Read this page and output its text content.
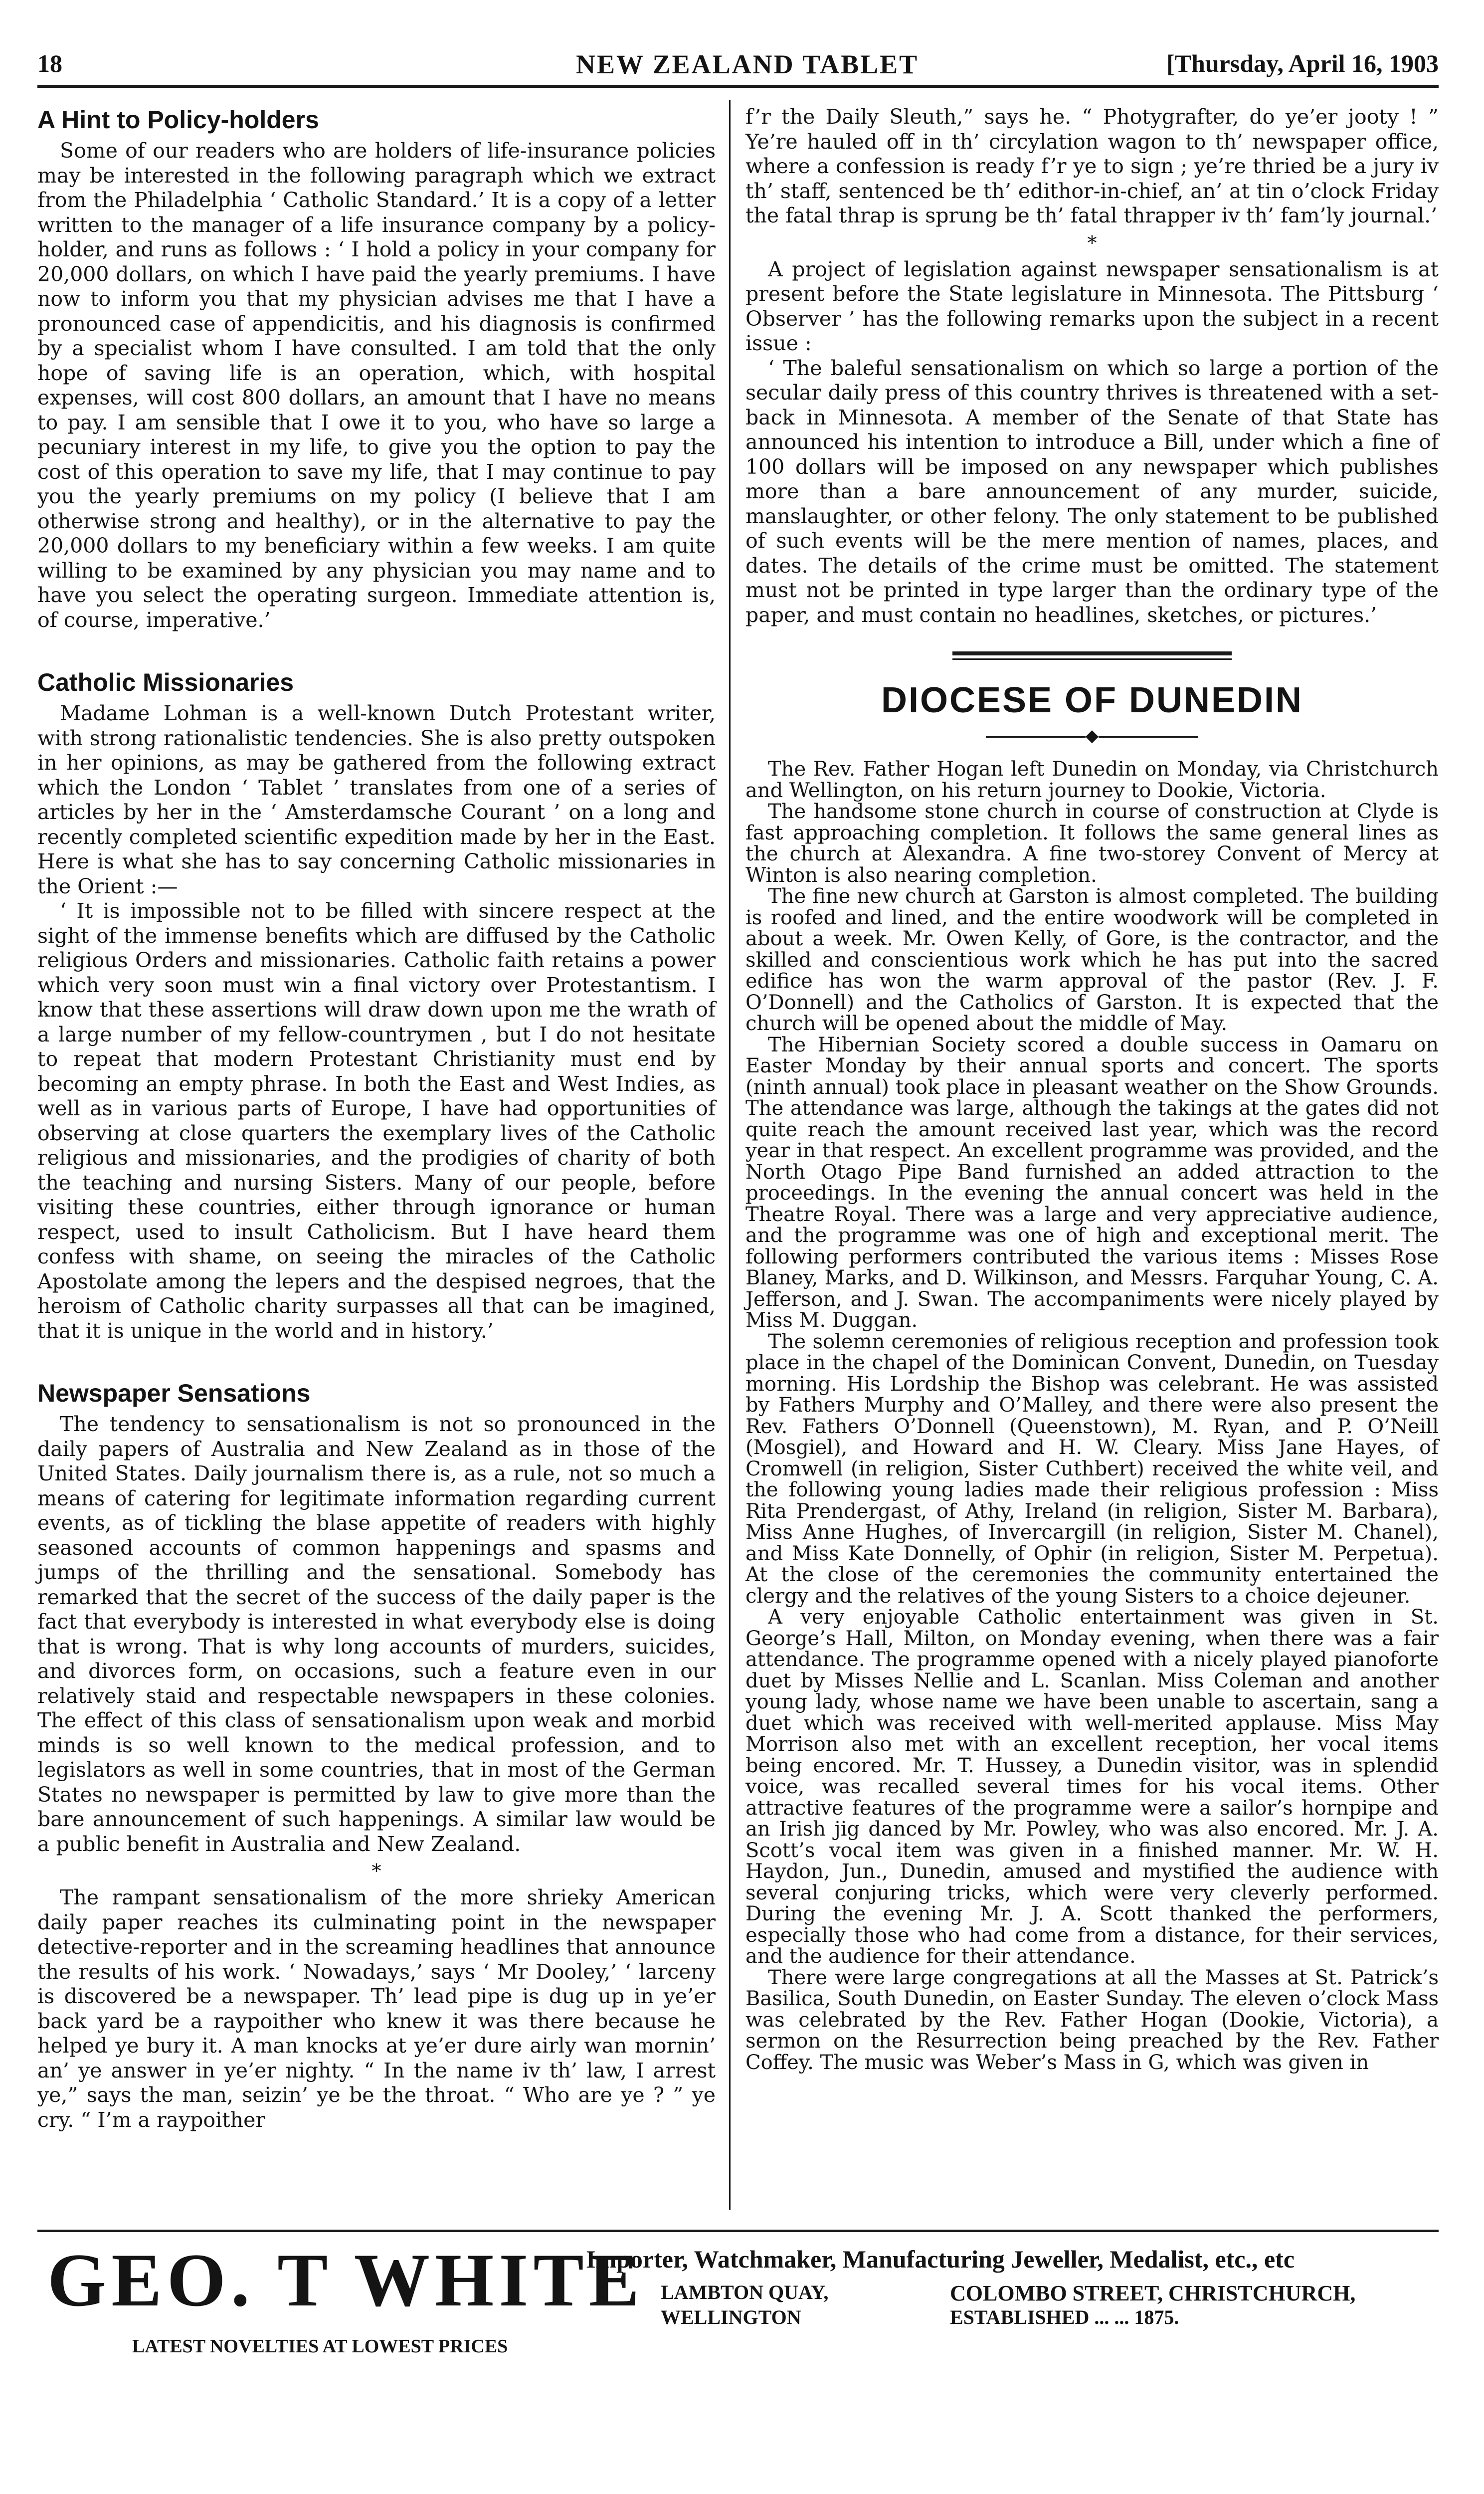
18	NEW ZEALAND TABLET	[Thursday, April 16, 1903
A Hint to Policy-holders

Some of our readers who are holders of life-insurance policies may be interested in the following paragraph which we extract from the Philadelphia ‘ Catholic Standard.’ It is a copy of a letter written to the manager of a life insurance company by a policy-holder, and runs as follows : ‘ I hold a policy in your company for 20,000 dollars, on which I have paid the yearly premiums. I have now to inform you that my physician advises me that I have a pronounced case of appendicitis, and his diagnosis is confirmed by a specialist whom I have consulted. I am told that the only hope of saving life is an operation, which, with hospital expenses, will cost 800 dollars, an amount that I have no means to pay. I am sensible that I owe it to you, who have so large a pecuniary interest in my life, to give you the option to pay the cost of this operation to save my life, that I may continue to pay you the yearly premiums on my policy (I believe that I am otherwise strong and healthy), or in the alternative to pay the 20,000 dollars to my beneficiary within a few weeks. I am quite willing to be examined by any physician you may name and to have you select the operating surgeon. Immediate attention is, of course, imperative.’

Catholic Missionaries

Madame Lohman is a well-known Dutch Protestant writer, with strong rationalistic tendencies. She is also pretty outspoken in her opinions, as may be gathered from the following extract which the London ‘ Tablet ’ translates from one of a series of articles by her in the ‘ Amsterdamsche Courant ’ on a long and recently completed scientific expedition made by her in the East. Here is what she has to say concerning Catholic missionaries in the Orient :—

‘ It is impossible not to be filled with sincere respect at the sight of the immense benefits which are diffused by the Catholic religious Orders and missionaries. Catholic faith retains a power which very soon must win a final victory over Protestantism. I know that these assertions will draw down upon me the wrath of a large number of my fellow-countrymen , but I do not hesitate to repeat that modern Protestant Christianity must end by becoming an empty phrase. In both the East and West Indies, as well as in various parts of Europe, I have had opportunities of observing at close quarters the exemplary lives of the Catholic religious and missionaries, and the prodigies of charity of both the teaching and nursing Sisters. Many of our people, before visiting these countries, either through ignorance or human respect, used to insult Catholicism. But I have heard them confess with shame, on seeing the miracles of the Catholic Apostolate among the lepers and the despised negroes, that the heroism of Catholic charity surpasses all that can be imagined, that it is unique in the world and in history.’

Newspaper Sensations

The tendency to sensationalism is not so pronounced in the daily papers of Australia and New Zealand as in those of the United States. Daily journalism there is, as a rule, not so much a means of catering for legitimate information regarding current events, as of tickling the blase appetite of readers with highly seasoned accounts of common happenings and spasms and jumps of the thrilling and the sensational. Somebody has remarked that the secret of the success of the daily paper is the fact that everybody is interested in what everybody else is doing that is wrong. That is why long accounts of murders, suicides, and divorces form, on occasions, such a feature even in our relatively staid and respectable newspapers in these colonies. The effect of this class of sensationalism upon weak and morbid minds is so well known to the medical profession, and to legislators as well in some countries, that in most of the German States no newspaper is permitted by law to give more than the bare announcement of such happenings. A similar law would be a public benefit in Australia and New Zealand.

*

The rampant sensationalism of the more shrieky American daily paper reaches its culminating point in the newspaper detective-reporter and in the screaming headlines that announce the results of his work. ‘ Nowadays,’ says ‘ Mr Dooley,’ ‘ larceny is discovered be a newspaper. Th’ lead pipe is dug up in ye’er back yard be a raypoither who knew it was there because he helped ye bury it. A man knocks at ye’er dure airly wan mornin’ an’ ye answer in ye’er nighty. “ In the name iv th’ law, I arrest ye,” says the man, seizin’ ye be the throat. “ Who are ye ? ” ye cry. “ I’m a raypoither

f’r the Daily Sleuth,” says he. “ Photygrafter, do ye’er jooty ! ” Ye’re hauled off in th’ circylation wagon to th’ newspaper office, where a confession is ready f’r ye to sign ; ye’re thried be a jury iv th’ staff, sentenced be th’ edithor-in-chief, an’ at tin o’clock Friday the fatal thrap is sprung be th’ fatal thrapper iv th’ fam’ly journal.’

*

A project of legislation against newspaper sensationalism is at present before the State legislature in Minnesota. The Pittsburg ‘ Observer ’ has the following remarks upon the subject in a recent issue :

‘ The baleful sensationalism on which so large a portion of the secular daily press of this country thrives is threatened with a set-back in Minnesota. A member of the Senate of that State has announced his intention to introduce a Bill, under which a fine of 100 dollars will be imposed on any newspaper which publishes more than a bare announcement of any murder, suicide, manslaughter, or other felony. The only statement to be published of such events will be the mere mention of names, places, and dates. The details of the crime must be omitted. The statement must not be printed in type larger than the ordinary type of the paper, and must contain no headlines, sketches, or pictures.’

DIOCESE OF DUNEDIN
◆

The Rev. Father Hogan left Dunedin on Monday, via Christchurch and Wellington, on his return journey to Dookie, Victoria.

The handsome stone church in course of construction at Clyde is fast approaching completion. It follows the same general lines as the church at Alexandra. A fine two-storey Convent of Mercy at Winton is also nearing completion.

The fine new church at Garston is almost completed. The building is roofed and lined, and the entire woodwork will be completed in about a week. Mr. Owen Kelly, of Gore, is the contractor, and the skilled and conscientious work which he has put into the sacred edifice has won the warm approval of the pastor (Rev. J. F. O’Donnell) and the Catholics of Garston. It is expected that the church will be opened about the middle of May.

The Hibernian Society scored a double success in Oamaru on Easter Monday by their annual sports and concert. The sports (ninth annual) took place in pleasant weather on the Show Grounds. The attendance was large, although the takings at the gates did not quite reach the amount received last year, which was the record year in that respect. An excellent programme was provided, and the North Otago Pipe Band furnished an added attraction to the proceedings. In the evening the annual concert was held in the Theatre Royal. There was a large and very appreciative audience, and the programme was one of high and exceptional merit. The following performers contributed the various items : Misses Rose Blaney, Marks, and D. Wilkinson, and Messrs. Farquhar Young, C. A. Jefferson, and J. Swan. The accompaniments were nicely played by Miss M. Duggan.

The solemn ceremonies of religious reception and profession took place in the chapel of the Dominican Convent, Dunedin, on Tuesday morning. His Lordship the Bishop was celebrant. He was assisted by Fathers Murphy and O’Malley, and there were also present the Rev. Fathers O’Donnell (Queenstown), M. Ryan, and P. O’Neill (Mosgiel), and Howard and H. W. Cleary. Miss Jane Hayes, of Cromwell (in religion, Sister Cuthbert) received the white veil, and the following young ladies made their religious profession : Miss Rita Prendergast, of Athy, Ireland (in religion, Sister M. Barbara), Miss Anne Hughes, of Invercargill (in religion, Sister M. Chanel), and Miss Kate Donnelly, of Ophir (in religion, Sister M. Perpetua). At the close of the ceremonies the community entertained the clergy and the relatives of the young Sisters to a choice dejeuner.

A very enjoyable Catholic entertainment was given in St. George’s Hall, Milton, on Monday evening, when there was a fair attendance. The programme opened with a nicely played pianoforte duet by Misses Nellie and L. Scanlan. Miss Coleman and another young lady, whose name we have been unable to ascertain, sang a duet which was received with well-merited applause. Miss May Morrison also met with an excellent reception, her vocal items being encored. Mr. T. Hussey, a Dunedin visitor, was in splendid voice, was recalled several times for his vocal items. Other attractive features of the programme were a sailor’s hornpipe and an Irish jig danced by Mr. Powley, who was also encored. Mr. J. A. Scott’s vocal item was given in a finished manner. Mr. W. H. Haydon, Jun., Dunedin, amused and mystified the audience with several conjuring tricks, which were very cleverly performed. During the evening Mr. J. A. Scott thanked the performers, especially those who had come from a distance, for their services, and the audience for their attendance.

There were large congregations at all the Masses at St. Patrick’s Basilica, South Dunedin, on Easter Sunday. The eleven o’clock Mass was celebrated by the Rev. Father Hogan (Dookie, Victoria), a sermon on the Resurrection being preached by the Rev. Father Coffey. The music was Weber’s Mass in G, which was given in

GEO. T WHITE
LATEST NOVELTIES AT LOWEST PRICES
Importer, Watchmaker, Manufacturing Jeweller, Medalist, etc., etc
LAMBTON QUAY,
WELLINGTON
COLOMBO STREET, CHRISTCHURCH,
ESTABLISHED ... ... 1875.
